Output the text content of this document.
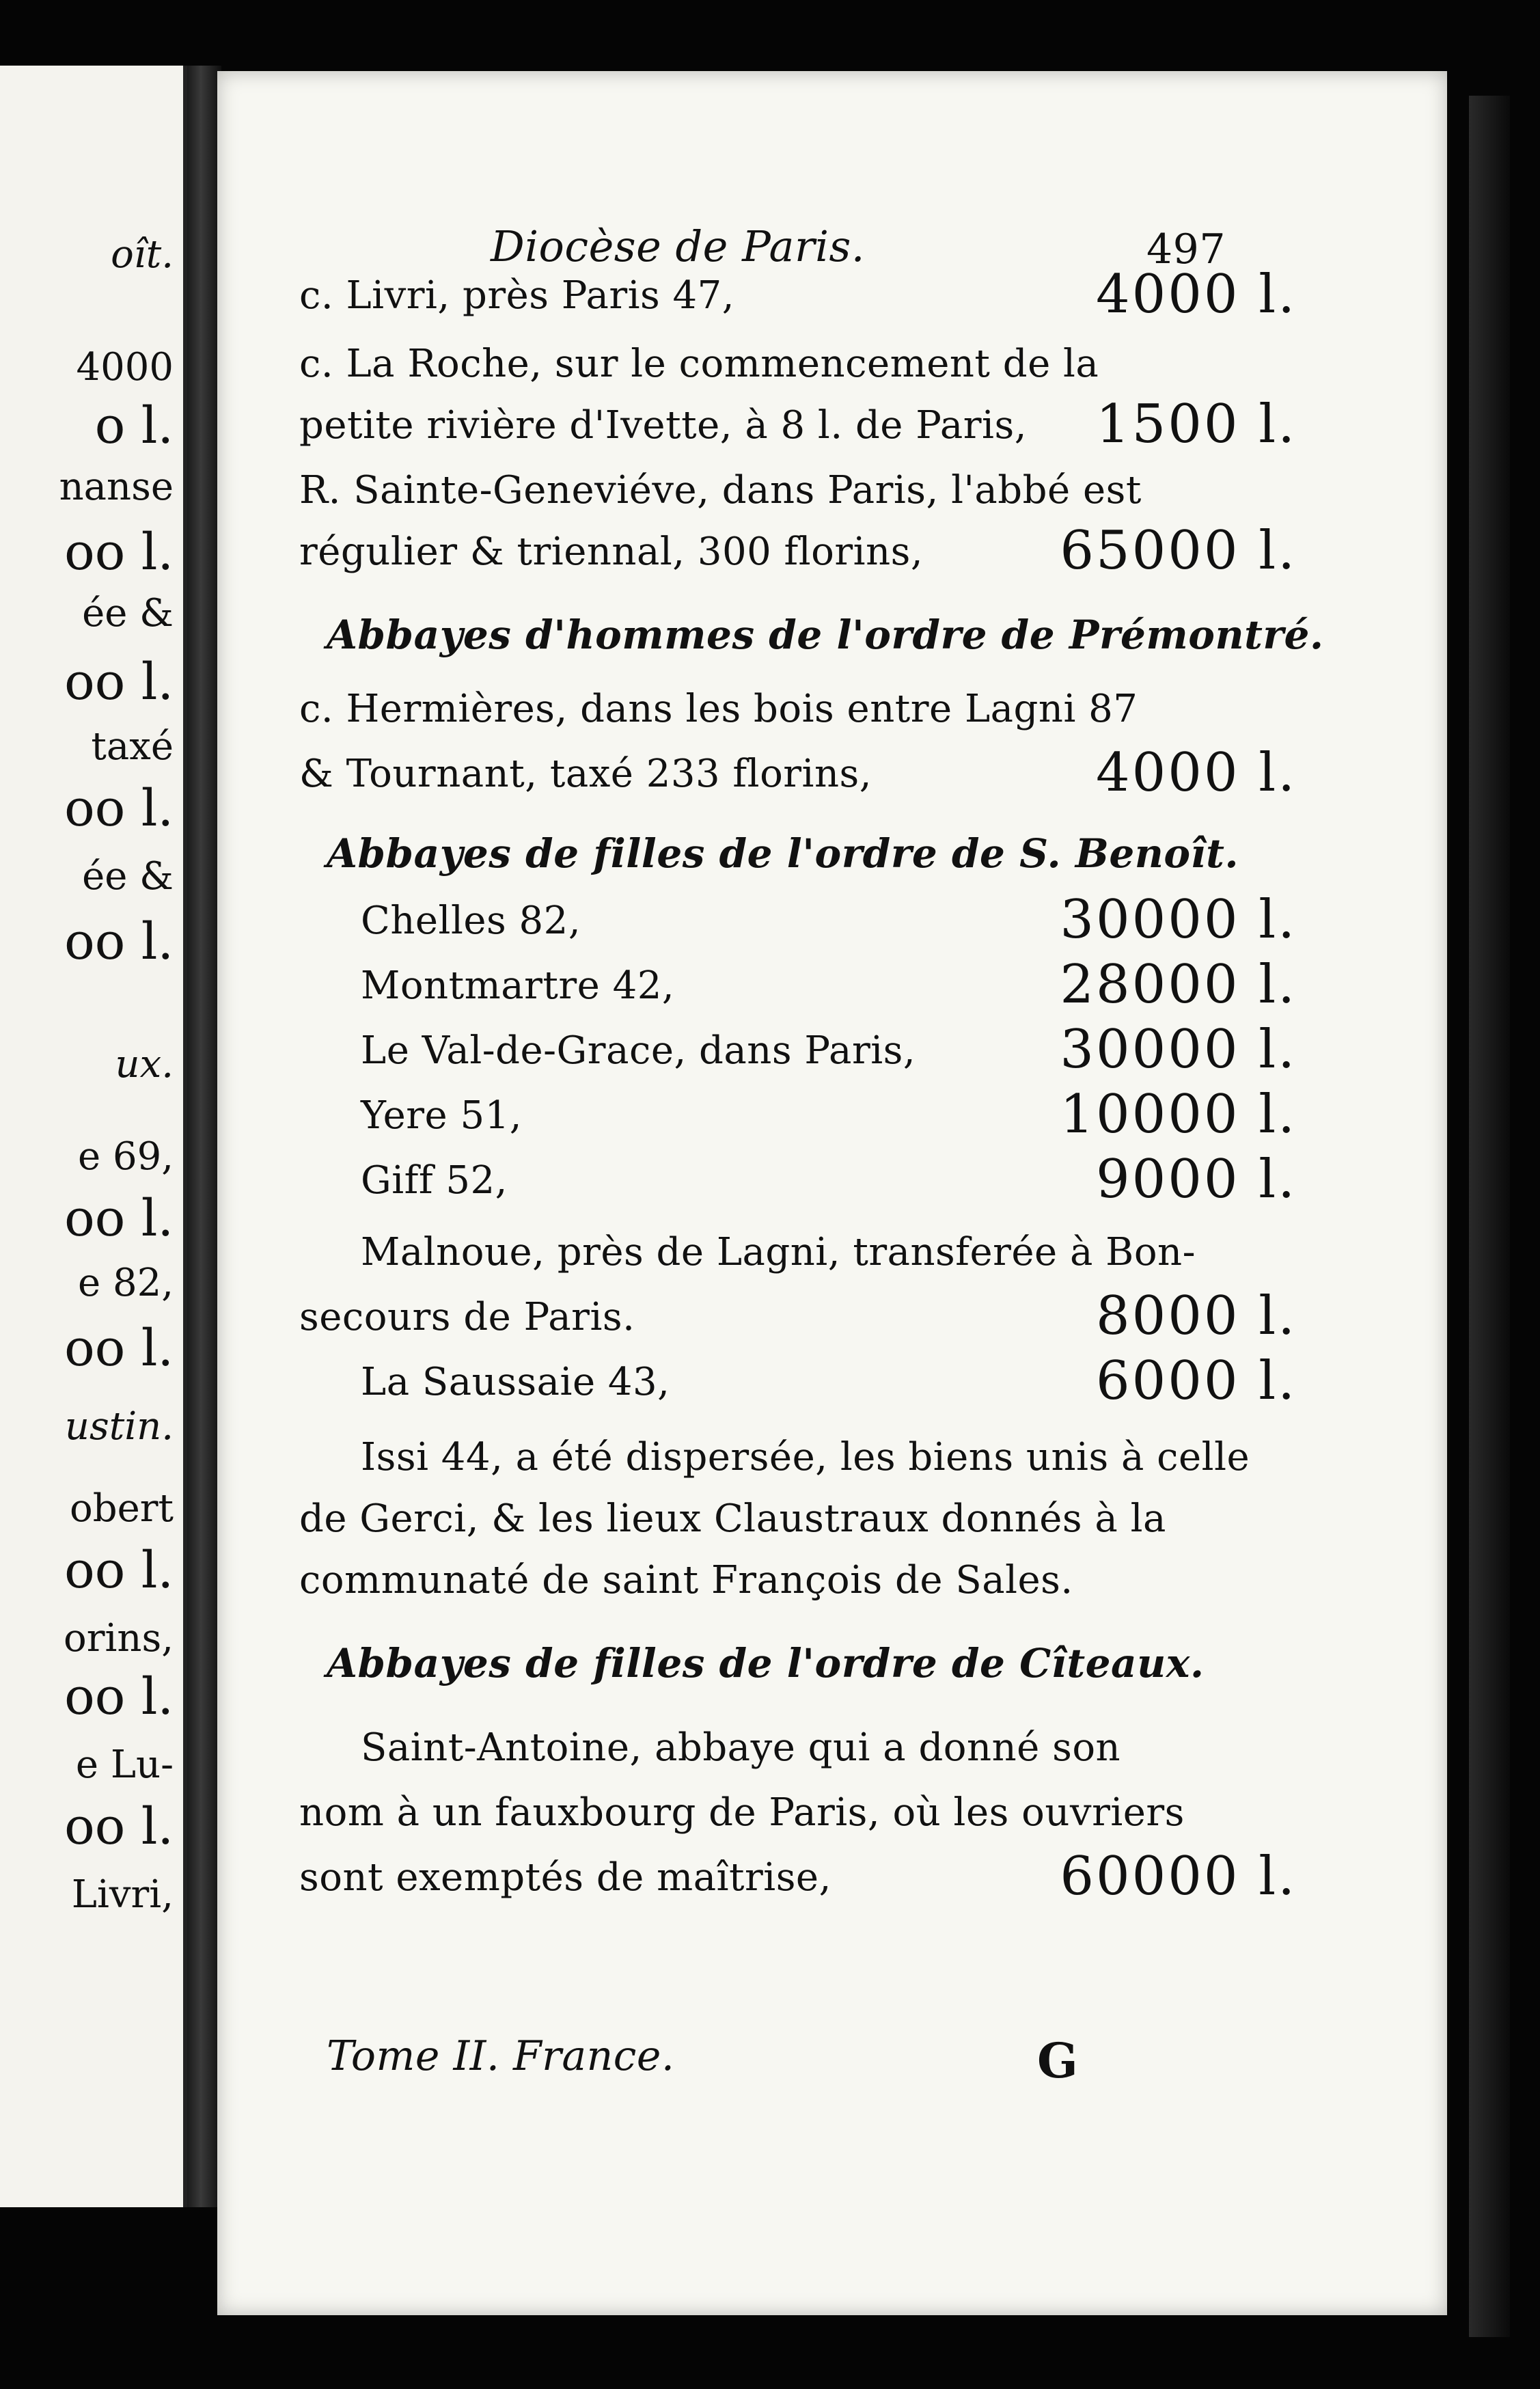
oît.
4000
o l.
nanse
oo l.
ée &
oo l.
taxé
oo l.
ée &
oo l.
ux.
e 69,
oo l.
e 82,
oo l.
ustin.
obert
oo l.
orins,
oo l.
e Lu-
oo l.
Livri,
Diocèse de Paris.	497
c. Livri, près Paris 47,	4000 l.
c. La Roche, sur le commencement de la
petite rivière d'Ivette, à 8 l. de Paris, 1500 l.
R. Sainte-Geneviéve, dans Paris, l'abbé est
régulier & triennal, 300 florins,	65000 l.
Abbayes d'hommes de l'ordre de Prémontré.
c. Hermières, dans les bois entre Lagni 87
& Tournant, taxé 233 florins,	4000 l.
Abbayes de filles de l'ordre de S. Benoît.
Chelles 82,	30000 l.
Montmartre 42,	28000 l.
Le Val-de-Grace, dans Paris,	30000 l.
Yere 51,	10000 l.
Giff 52,	9000 l.
Malnoue, près de Lagni, transferée à Bon-
secours de Paris.	8000 l.
La Saussaie 43,	6000 l.
Issi 44, a été dispersée, les biens unis à celle
de Gerci, & les lieux Claustraux donnés à la
communaté de saint François de Sales.
Abbayes de filles de l'ordre de Cîteaux.
Saint-Antoine, abbaye qui a donné son
nom à un fauxbourg de Paris, où les ouvriers
sont exemptés de maîtrise,	60000 l.
Tome II. France.	G
